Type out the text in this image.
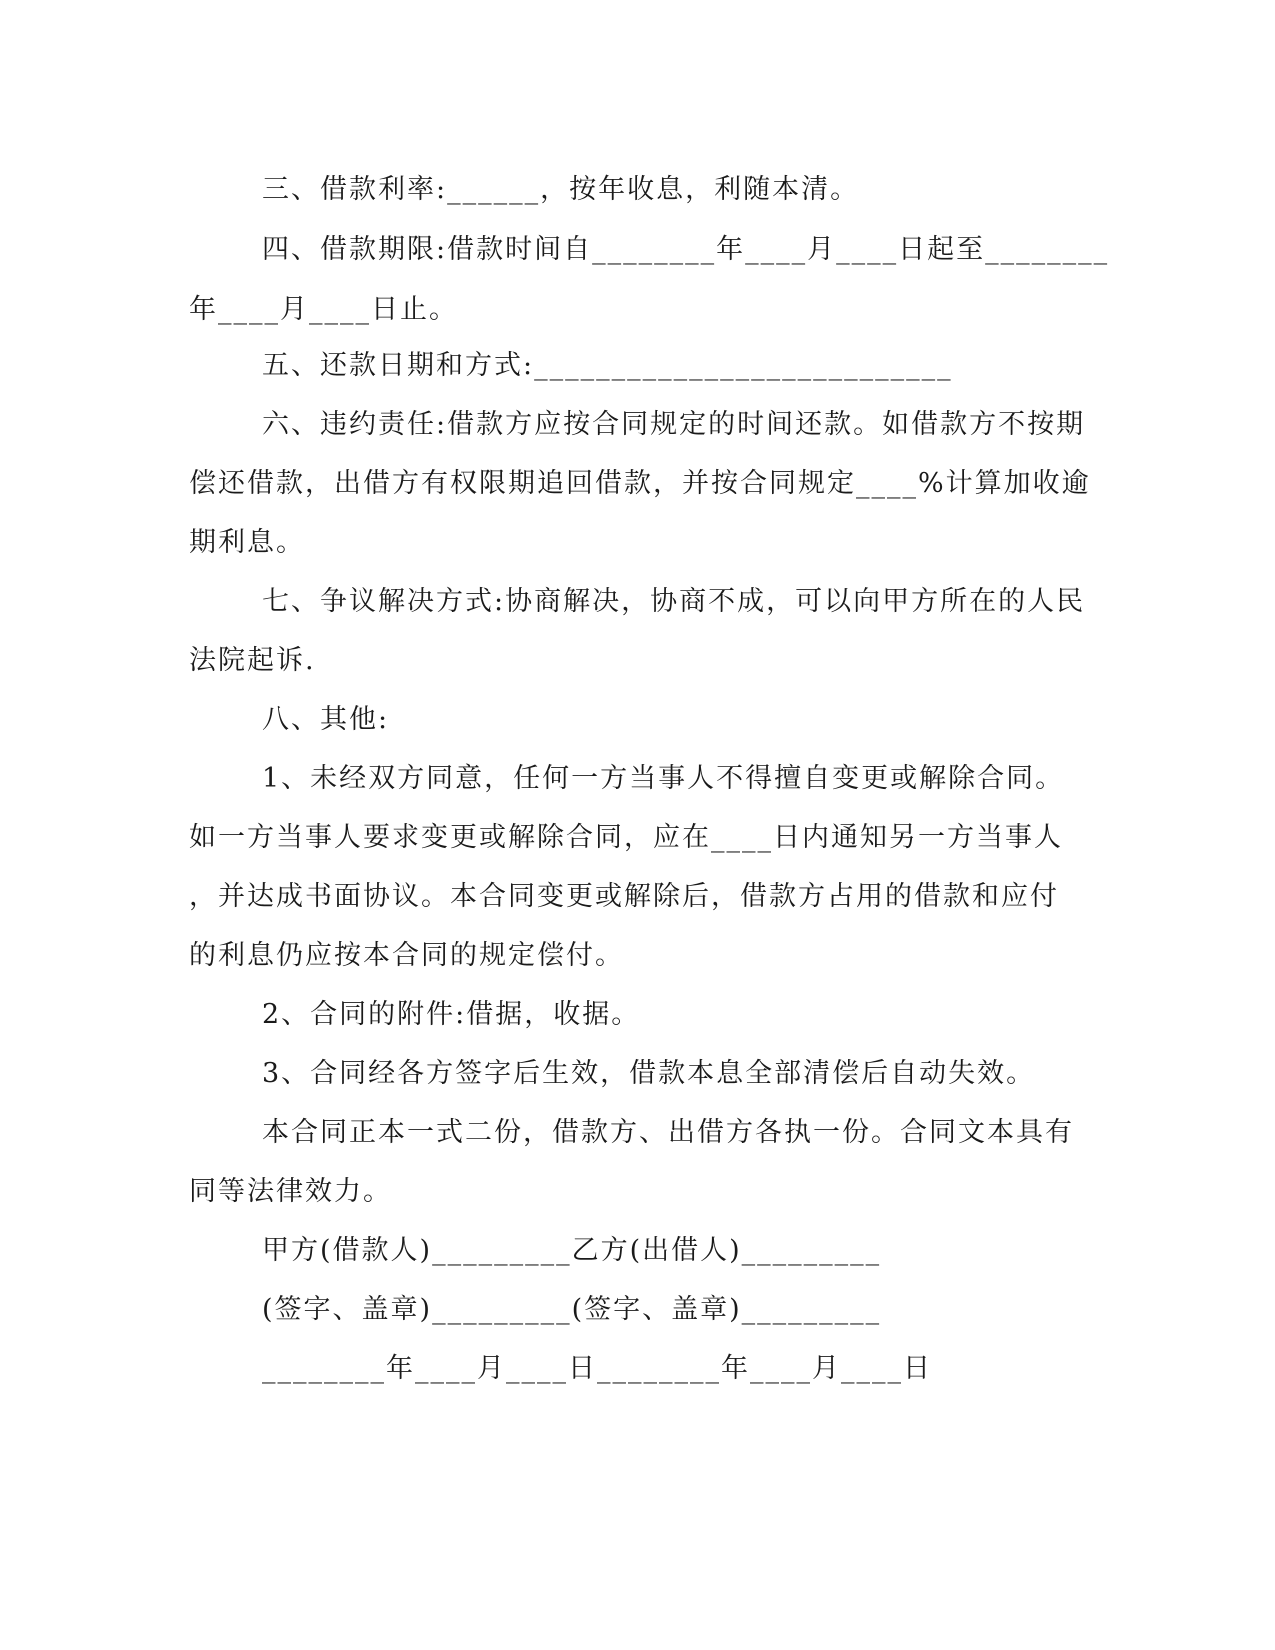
三、借款利率:______，按年收息，利随本清。
四、借款期限:借款时间自________年____月____日起至________
年____月____日止。
五、还款日期和方式:___________________________
六、违约责任:借款方应按合同规定的时间还款。如借款方不按期
偿还借款，出借方有权限期追回借款，并按合同规定____%计算加收逾
期利息。
七、争议解决方式:协商解决，协商不成，可以向甲方所在的人民
法院起诉.
八、其他:
1、未经双方同意，任何一方当事人不得擅自变更或解除合同。
如一方当事人要求变更或解除合同，应在____日内通知另一方当事人
，并达成书面协议。本合同变更或解除后，借款方占用的借款和应付
的利息仍应按本合同的规定偿付。
2、合同的附件:借据，收据。
3、合同经各方签字后生效，借款本息全部清偿后自动失效。
本合同正本一式二份，借款方、出借方各执一份。合同文本具有
同等法律效力。
甲方(借款人)_________乙方(出借人)_________
(签字、盖章)_________(签字、盖章)_________
________年____月____日________年____月____日
